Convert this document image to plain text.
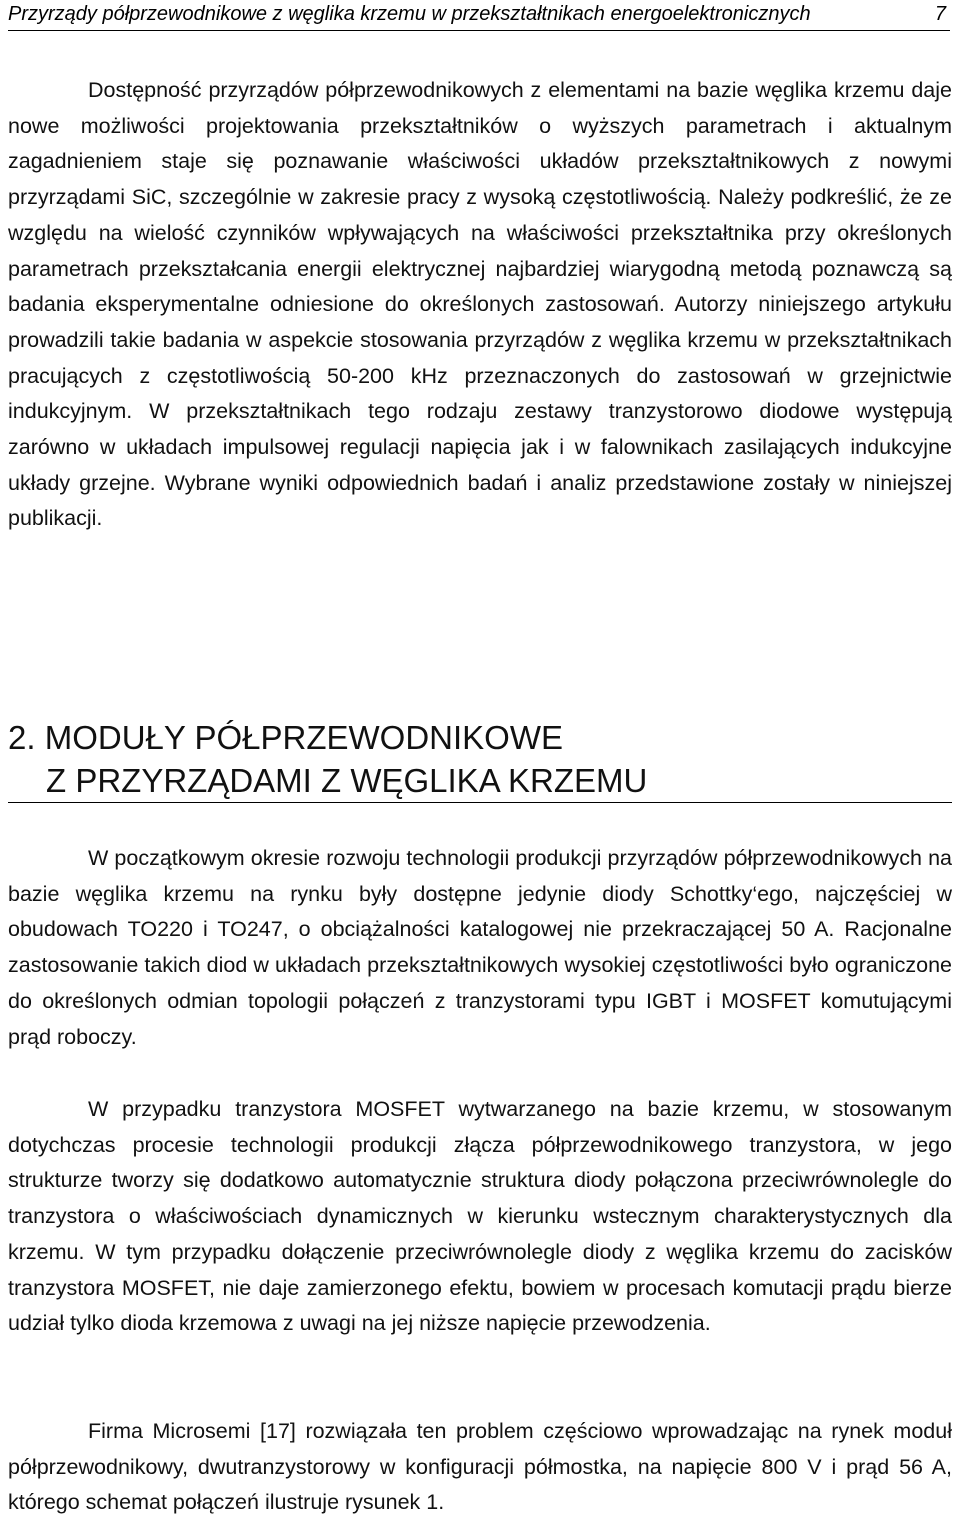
Przyrządy półprzewodnikowe z węglika krzemu w przekształtnikach energoelektronicznych	7

Dostępność przyrządów półprzewodnikowych z elementami na bazie węglika krzemu daje nowe możliwości projektowania przekształtników o wyższych parametrach i aktualnym zagadnieniem staje się poznawanie właściwości układów przekształtnikowych z nowymi przyrządami SiC, szczególnie w zakresie pracy z wysoką częstotliwością. Należy podkreślić, że ze względu na wielość czynników wpływających na właściwości przekształtnika przy określonych parametrach przekształcania energii elektrycznej najbardziej wiarygodną metodą poznawczą są badania eksperymentalne odniesione do określonych zastosowań. Autorzy niniejszego artykułu prowadzili takie badania w aspekcie stosowania przyrządów z węglika krzemu w przekształtnikach pracujących z częstotliwością 50-200 kHz przeznaczonych do zastosowań w grzejnictwie indukcyjnym. W przekształtnikach tego rodzaju zestawy tranzystorowo diodowe występują zarówno w układach impulsowej regulacji napięcia jak i w falownikach zasilających indukcyjne układy grzejne. Wybrane wyniki odpowiednich badań i analiz przedstawione zostały w niniejszej publikacji.

2. MODUŁY PÓŁPRZEWODNIKOWE
Z PRZYRZĄDAMI Z WĘGLIKA KRZEMU

W początkowym okresie rozwoju technologii produkcji przyrządów półprzewodnikowych na bazie węglika krzemu na rynku były dostępne jedynie diody Schottky‘ego, najczęściej w obudowach TO220 i TO247, o obciążalności katalogowej nie przekraczającej 50 A. Racjonalne zastosowanie takich diod w układach przekształtnikowych wysokiej częstotliwości było ograniczone do określonych odmian topologii połączeń z tranzystorami typu IGBT i MOSFET komutującymi prąd roboczy.

W przypadku tranzystora MOSFET wytwarzanego na bazie krzemu, w stosowanym dotychczas procesie technologii produkcji złącza półprzewodnikowego tranzystora, w jego strukturze tworzy się dodatkowo automatycznie struktura diody połączona przeciwrównolegle do tranzystora o właściwościach dynamicznych w kierunku wstecznym charakterystycznych dla krzemu. W tym przypadku dołączenie przeciwrównolegle diody z węglika krzemu do zacisków tranzystora MOSFET, nie daje zamierzonego efektu, bowiem w procesach komutacji prądu bierze udział tylko dioda krzemowa z uwagi na jej niższe napięcie przewodzenia.

Firma Microsemi [17] rozwiązała ten problem częściowo wprowadzając na rynek moduł półprzewodnikowy, dwutranzystorowy w konfiguracji półmostka, na napięcie 800 V i prąd 56 A, którego schemat połączeń ilustruje rysunek 1.
